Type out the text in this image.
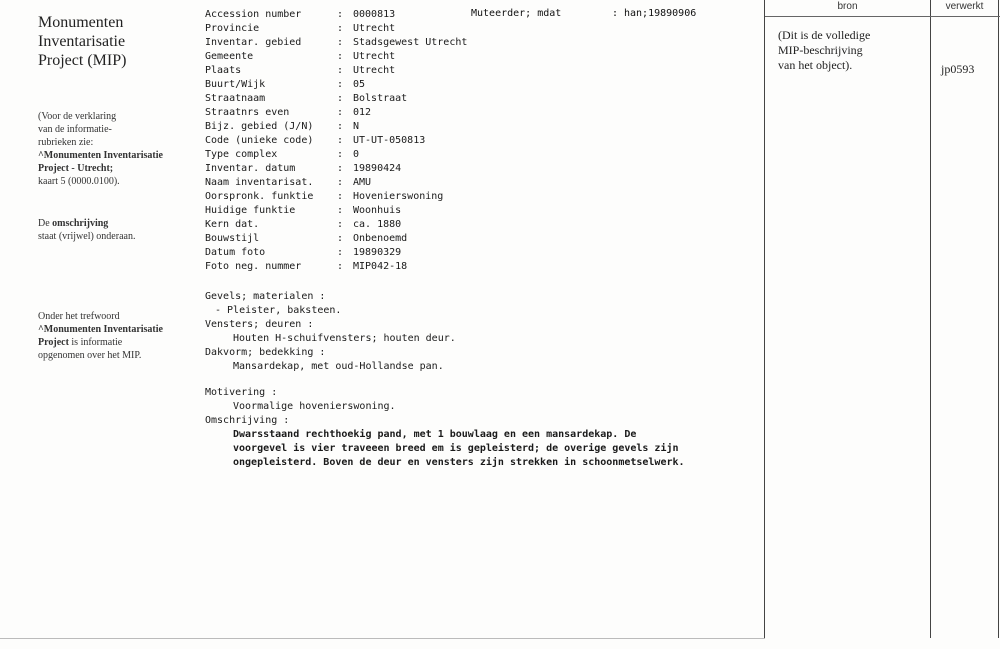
Monumenten
Inventarisatie
Project (MIP)
(Voor de verklaring
van de informatie-
rubrieken zie:
^Monumenten Inventarisatie
Project - Utrecht;
kaart 5 (0000.0100).
De omschrijving
staat (vrijwel) onderaan.
Onder het trefwoord
^Monumenten Inventarisatie
Project is informatie
opgenomen over het MIP.
Muteerder; mdat	: han;19890906
Accession number	: 0000813
Provincie	: Utrecht
Inventar. gebied	: Stadsgewest Utrecht
Gemeente	: Utrecht
Plaats	: Utrecht
Buurt/Wijk	: 05
Straatnaam	: Bolstraat
Straatnrs even	: 012
Bijz. gebied (J/N)	: N
Code (unieke code)	: UT-UT-050813
Type complex	: 0
Inventar. datum	: 19890424
Naam inventarisat.	: AMU
Oorspronk. funktie	: Hovenierswoning
Huidige funktie	: Woonhuis
Kern dat.	: ca. 1880
Bouwstijl	: Onbenoemd
Datum foto	: 19890329
Foto neg. nummer	: MIP042-18
Gevels; materialen :
- Pleister, baksteen.
Vensters; deuren :
Houten H-schuifvensters; houten deur.
Dakvorm; bedekking :
Mansardekap, met oud-Hollandse pan.
Motivering :
Voormalige hovenierswoning.
Omschrijving :
Dwarsstaand rechthoekig pand, met 1 bouwlaag en een mansardekap. De
voorgevel is vier traveeen breed em is gepleisterd; de overige gevels zijn
ongepleisterd. Boven de deur en vensters zijn strekken in schoonmetselwerk.
bron	verwerkt
(Dit is de volledige
MIP-beschrijving
van het object).	jp0593
